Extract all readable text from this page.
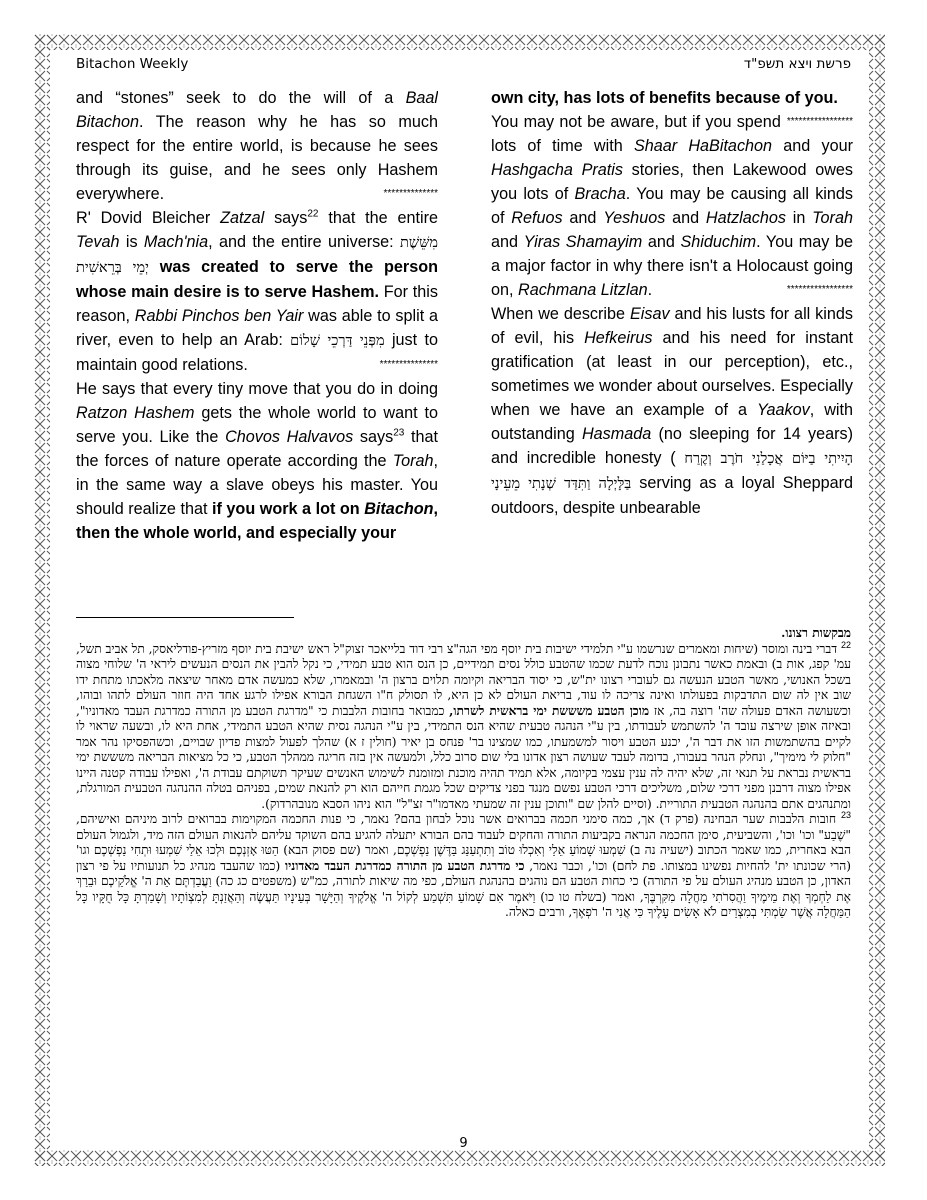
Bitachon Weekly	פרשת ויצא תשפ"ד

and “stones” seek to do the will of a Baal Bitachon. The reason why he has so much respect for the entire world, is because he sees through its guise, and he sees only Hashem everywhere.	**************

R' Dovid Bleicher Zatzal says$^{22}$ that the entire Tevah is Mach'nia, and the entire universe: מִשֵּׁשֶׁת יְמֵי בְּרֵאשִׁית was created to serve the person whose main desire is to serve Hashem. For this reason, Rabbi Pinchos ben Yair was able to split a river, even to help an Arab: מִפְּנֵי דַּרְכֵי שָׁלוֹם just to maintain good relations.	***************

He says that every tiny move that you do in doing Ratzon Hashem gets the whole world to want to serve you. Like the Chovos Halvavos says$^{23}$ that the forces of nature operate according the Torah, in the same way a slave obeys his master. You should realize that if you work a lot on Bitachon, then the whole world, and especially your

own city, has lots of benefits because of you.
*****************

You may not be aware, but if you spend lots of time with Shaar HaBitachon and your Hashgacha Pratis stories, then Lakewood owes you lots of Bracha. You may be causing all kinds of Refuos and Yeshuos and Hatzlachos in Torah and Yiras Shamayim and Shiduchim. You may be a major factor in why there isn't a Holocaust going on, Rachmana Litzlan.	*****************

When we describe Eisav and his lusts for all kinds of evil, his Hefkeirus and his need for instant gratification (at least in our perception), etc., sometimes we wonder about ourselves. Especially when we have an example of a Yaakov, with outstanding Hasmada (no sleeping for 14 years) and incredible honesty ( הָיִיתִי בַיּוֹם אֲכָלַנִי חֹרֶב וְקֶרַח בַּלָּיְלָה וַתִּדַּד שְׁנָתִי מֵעֵינָי serving as a loyal Sheppard outdoors, despite unbearable

מבקשות רצונו.

$^{22}$ דברי בינה ומוסר (שיחות ומאמרים שנרשמו ע"י תלמידי ישיבות בית יוסף מפי הגה"צ רבי דוד בלייאכר זצוק"ל ראש ישיבת בית יוסף מזריץ-פודליאסק, תל אביב תשל, עמ' קפג, אות ב) ובאמת כאשר נתבונן נוכח לדעת שכמו שהטבע כולל נסים תמידיים, כן הנס הוא טבע תמידי, כי נקל להבין את הנסים הנעשים ליראי ה' שלוחי מצוה בשכל האנושי, מאשר הטבע הנעשה גם לעוברי רצונו ית"ש, כי יסוד הבריאה וקיומה תלוים ברצון ה' ובמאמרו, שלא כמעשה אדם מאחר שיצאה מלאכתו מתחת ידו שוב אין לה שום התדבקות בפעולתו ואינה צריכה לו עוד, בריאת העולם לא כן היא, לו תסולק ח"ו השגחת הבורא אפילו לרגע אחד היה חוזר העולם לתהו ובוהו, וכשעושה האדם פעולה שה' רוצה בה, אז מוכן הטבע משששת ימי בראשית לשרתו, כמבואר בחובות הלבבות כי "מדרגת הטבע מן התורה כמדרגת העבד מאדוניו", ובאיזה אופן שירצה עובד ה' להשתמש לעבודתו, בין ע"י הנהגה טבעית שהיא הנס התמידי, בין ע"י הנהגה נסית שהיא הטבע התמידי, אחת היא לו, ובשעה שראוי לו לקיים בהשתמשות הזו את דבר ה', יכנע הטבע ויסור למשמעתו, כמו שמצינו בר' פנחס בן יאיר (חולין ז א) שהלך לפעול למצות פדיון שבויים, וכשהפסיקו נהר אמר "חלוק לי מימיך", ונחלק הנהר בעבורו, בדומה לעבד שעושה רצון אדונו בלי שום סרוב כלל, ולמעשה אין בזה חריגה ממהלך הטבע, כי כל מציאות הבריאה משששת ימי בראשית נבראת על תנאי זה, שלא יהיה לה ענין עצמי בקיומה, אלא תמיד תהיה מוכנת ומזומנת לשימוש האנשים שעיקר תשוקתם עבודת ה', ואפילו עבודה קטנה היינו אפילו מצוה דרבנן מפני דרכי שלום, משליכים דרכי הטבע נפשם מנגד בפני צדיקים שכל מגמת חייהם הוא רק להנאת שמים, בפניהם בטלה ההנהגה הטבעית המורגלת, ומתנהגים אתם בהנהגה הטבעית התוריית. (וסיים להלן שם "ותוכן ענין זה שמעתי מאדמו"ר זצ"ל" הוא ניהו הסבא מנובהרדוק).

$^{23}$ חובות הלבבות שער הבחינה (פרק ד) אך, כמה סימני חכמה בברואים אשר נוכל לבחון בהם? נאמר, כי פנות החכמה המקוימות בברואים לרוב מיניהם ואישיהם, "שֶׁבַע" וכו' וכו', והשביעית, סימן החכמה הנראה בקביעות התורה והחקים לעבוד בהם הבורא יתעלה להגיע בהם השוקד עליהם להנאות העולם הזה מיד, ולגמול העולם הבא באחרית, כמו שאמר הכתוב (ישעיה נה ב) שִׁמְעוּ שָׁמוֹעַ אֵלַי וְאִכְלוּ טוֹב וְתִתְעַנַּג בַּדֶּשֶׁן נַפְשְׁכֶם, ואמר (שם פסוק הבא) הַטּוּ אָזְנְכֶם וּלְכוּ אֵלַי שִׁמְעוּ וּתְחִי נַפְשְׁכֶם וגו' (הרי שכונתו ית' להחיות נפשינו במצותו. פת לחם) וכו', וכבר נאמר, כי מדרגת הטבע מן התורה כמדרגת העבד מאדוניו (כמו שהעבד מנהיג כל תנועותיו על פי רצון האדון, כן הטבע מנהיג העולם על פי התורה) כי כחות הטבע הם נוהגים בהנהגת העולם, כפי מה שיאות לתורה, כמ"ש (משפטים כג כה) וַעֲבַדְתֶּם אֵת ה' אֱלֹקֵיכֶם וּבֵרַךְ אֶת לַחְמְךָ וְאֶת מֵימֶיךָ וַהֲסִרֹתִי מַחֲלָה מִקִּרְבֶּךָ, ואמר (בשלח טו כו) וַיֹּאמֶר אִם שָׁמוֹעַ תִּשְׁמַע לְקוֹל ה' אֱלֹקֶיךָ וְהַיָּשָׁר בְּעֵינָיו תַּעֲשֶׂה וְהַאֲזַנְתָּ לְמִצְוֹתָיו וְשָׁמַרְתָּ כָּל חֻקָּיו כָּל הַמַּחֲלָה אֲשֶׁר שַׂמְתִּי בְמִצְרַיִם לֹא אָשִׂים עָלֶיךָ כִּי אֲנִי ה' רֹפְאֶךָ, ורבים כאלה.

9
